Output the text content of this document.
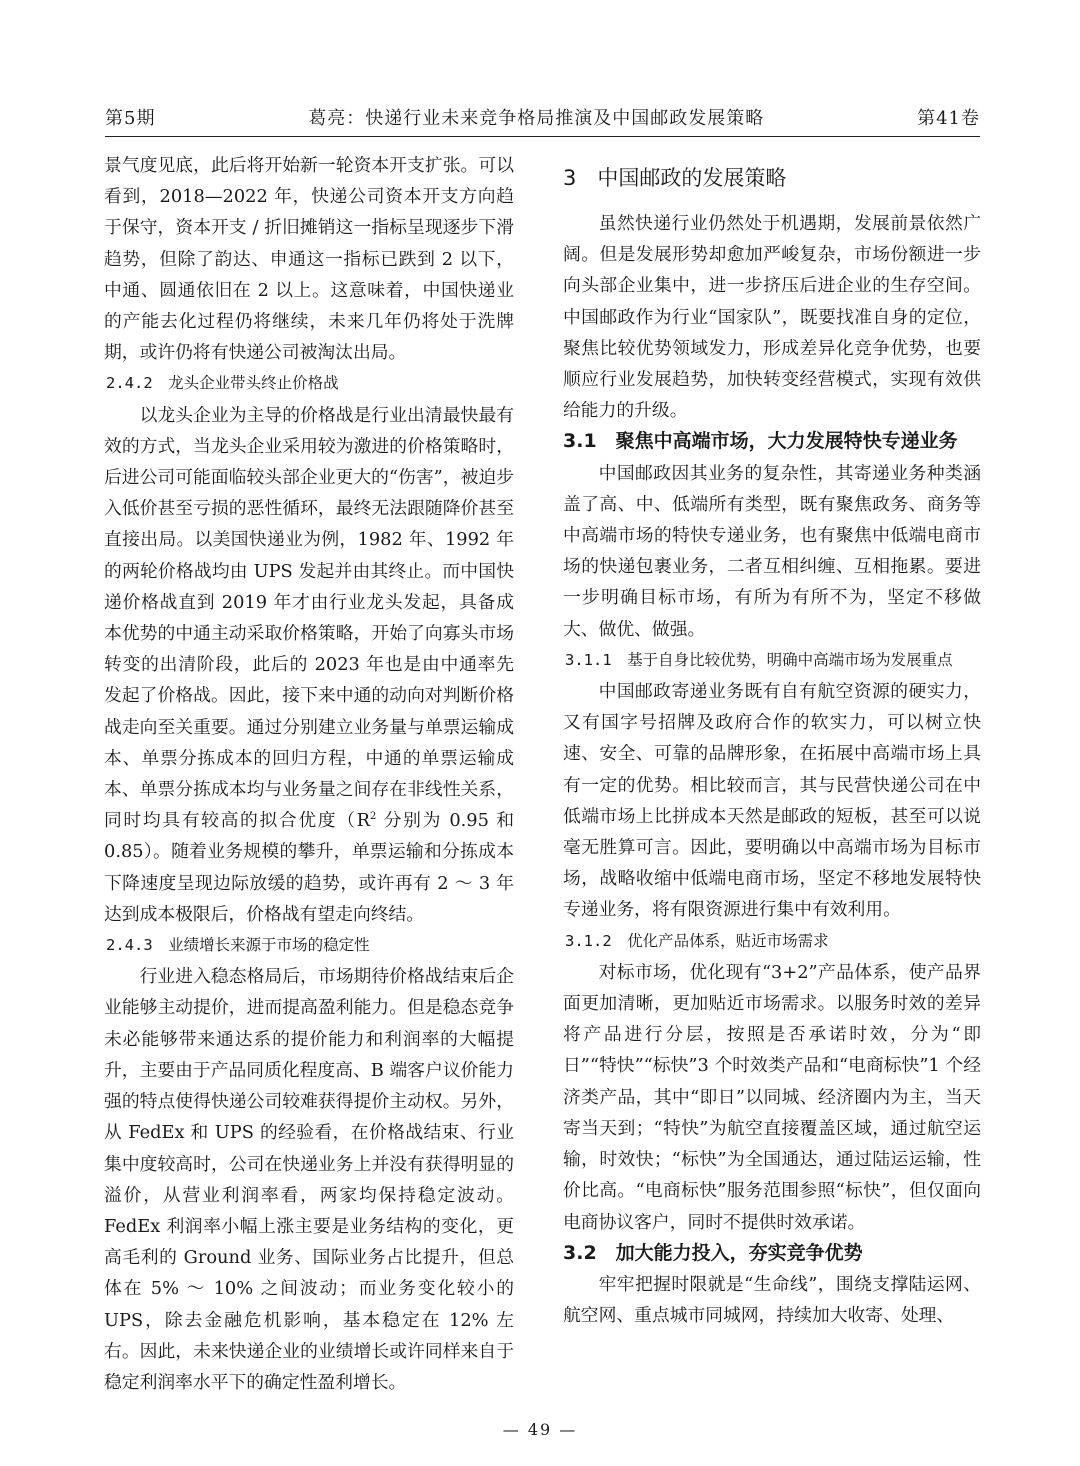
第5期	葛亮：快递行业未来竞争格局推演及中国邮政发展策略	第41卷

景气度见底，此后将开始新一轮资本开支扩张。可以看到，2018—2022 年，快递公司资本开支方向趋于保守，资本开支 / 折旧摊销这一指标呈现逐步下滑趋势，但除了韵达、申通这一指标已跌到 2 以下，中通、圆通依旧在 2 以上。这意味着，中国快递业的产能去化过程仍将继续，未来几年仍将处于洗牌期，或许仍将有快递公司被淘汰出局。

2.4.2　龙头企业带头终止价格战

以龙头企业为主导的价格战是行业出清最快最有效的方式，当龙头企业采用较为激进的价格策略时，后进公司可能面临较头部企业更大的“伤害”，被迫步入低价甚至亏损的恶性循环，最终无法跟随降价甚至直接出局。以美国快递业为例，1982 年、1992 年的两轮价格战均由 UPS 发起并由其终止。而中国快递价格战直到 2019 年才由行业龙头发起，具备成本优势的中通主动采取价格策略，开始了向寡头市场转变的出清阶段，此后的 2023 年也是由中通率先发起了价格战。因此，接下来中通的动向对判断价格战走向至关重要。通过分别建立业务量与单票运输成本、单票分拣成本的回归方程，中通的单票运输成本、单票分拣成本均与业务量之间存在非线性关系，同时均具有较高的拟合优度（$R^2$ 分别为 0.95 和 0.85）。随着业务规模的攀升，单票运输和分拣成本下降速度呈现边际放缓的趋势，或许再有 2 ～ 3 年达到成本极限后，价格战有望走向终结。

2.4.3　业绩增长来源于市场的稳定性

行业进入稳态格局后，市场期待价格战结束后企业能够主动提价，进而提高盈利能力。但是稳态竞争未必能够带来通达系的提价能力和利润率的大幅提升，主要由于产品同质化程度高、B 端客户议价能力强的特点使得快递公司较难获得提价主动权。另外，从 FedEx 和 UPS 的经验看，在价格战结束、行业集中度较高时，公司在快递业务上并没有获得明显的溢价，从营业利润率看，两家均保持稳定波动。FedEx 利润率小幅上涨主要是业务结构的变化，更高毛利的 Ground 业务、国际业务占比提升，但总体在 5% ～ 10% 之间波动；而业务变化较小的 UPS，除去金融危机影响，基本稳定在 12% 左右。因此，未来快递企业的业绩增长或许同样来自于稳定利润率水平下的确定性盈利增长。

3　中国邮政的发展策略

虽然快递行业仍然处于机遇期，发展前景依然广阔。但是发展形势却愈加严峻复杂，市场份额进一步向头部企业集中，进一步挤压后进企业的生存空间。中国邮政作为行业“国家队”，既要找准自身的定位，聚焦比较优势领域发力，形成差异化竞争优势，也要顺应行业发展趋势，加快转变经营模式，实现有效供给能力的升级。

3.1　聚焦中高端市场，大力发展特快专递业务

中国邮政因其业务的复杂性，其寄递业务种类涵盖了高、中、低端所有类型，既有聚焦政务、商务等中高端市场的特快专递业务，也有聚焦中低端电商市场的快递包裹业务，二者互相纠缠、互相拖累。要进一步明确目标市场，有所为有所不为，坚定不移做大、做优、做强。

3.1.1　基于自身比较优势，明确中高端市场为发展重点

中国邮政寄递业务既有自有航空资源的硬实力，又有国字号招牌及政府合作的软实力，可以树立快速、安全、可靠的品牌形象，在拓展中高端市场上具有一定的优势。相比较而言，其与民营快递公司在中低端市场上比拼成本天然是邮政的短板，甚至可以说毫无胜算可言。因此，要明确以中高端市场为目标市场，战略收缩中低端电商市场，坚定不移地发展特快专递业务，将有限资源进行集中有效利用。

3.1.2　优化产品体系，贴近市场需求

对标市场，优化现有“3+2”产品体系，使产品界面更加清晰，更加贴近市场需求。以服务时效的差异将产品进行分层，按照是否承诺时效，分为“即日”“特快”“标快”3 个时效类产品和“电商标快”1 个经济类产品，其中“即日”以同城、经济圈内为主，当天寄当天到；“特快”为航空直接覆盖区域，通过航空运输，时效快；“标快”为全国通达，通过陆运运输，性价比高。“电商标快”服务范围参照“标快”，但仅面向电商协议客户，同时不提供时效承诺。

3.2　加大能力投入，夯实竞争优势

牢牢把握时限就是“生命线”，围绕支撑陆运网、航空网、重点城市同城网，持续加大收寄、处理、

— 49 —
